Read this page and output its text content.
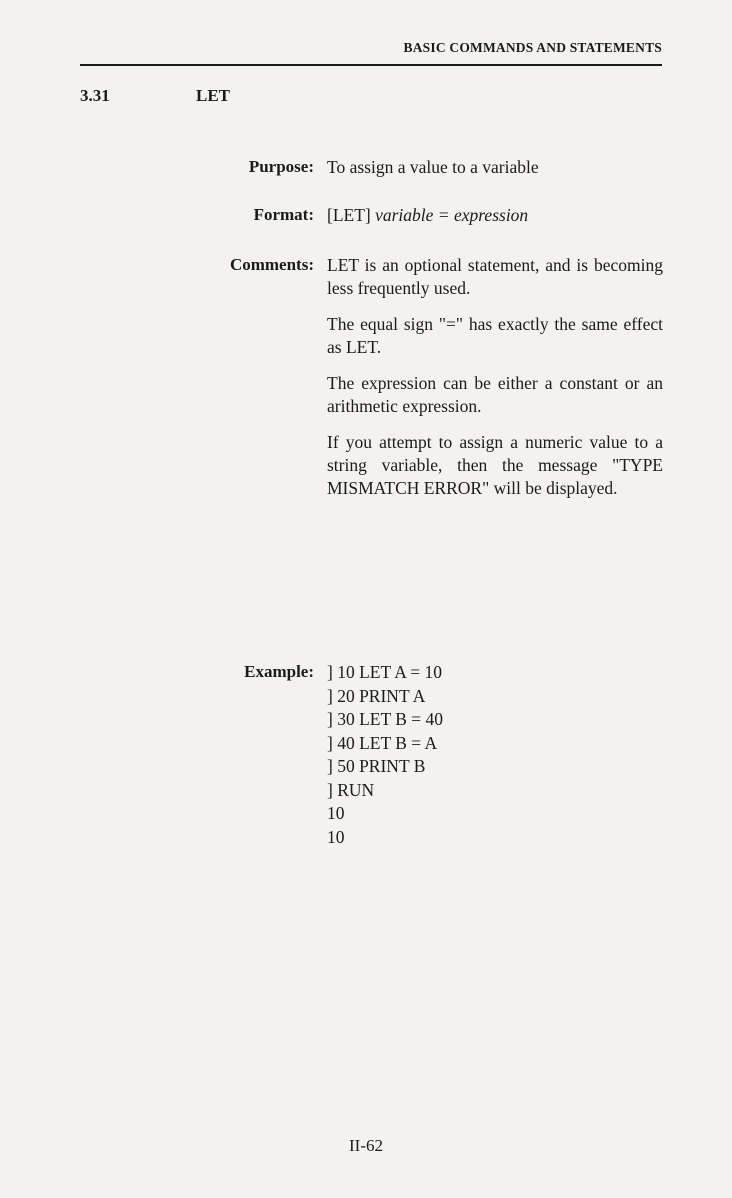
BASIC COMMANDS AND STATEMENTS
3.31	LET
Purpose: To assign a value to a variable
Format: [LET] variable = expression
Comments: LET is an optional statement, and is becoming less frequently used.

The equal sign "=" has exactly the same effect as LET.

The expression can be either a constant or an arithmetic expression.

If you attempt to assign a numeric value to a string variable, then the message "TYPE MISMATCH ERROR" will be displayed.

Example: ] 10 LET A = 10
] 20 PRINT A
] 30 LET B = 40
] 40 LET B = A
] 50 PRINT B
] RUN
10
10
II-62
